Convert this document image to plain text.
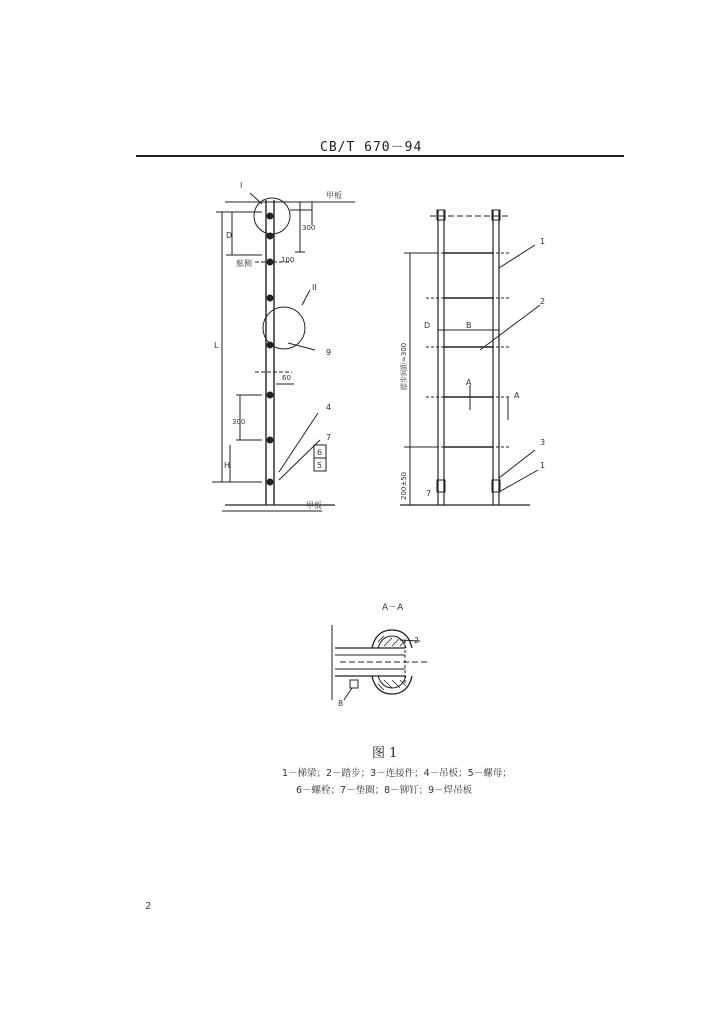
CB/T 670－94
甲板
甲板
舷侧
I
II
9
4
7
6
5
D
L
H
300
300
60
100
1
2
3
1
7
A
A
D	B
踏步间距≈300
200±50
A－A
2
8
图 1
1－梯梁；2－踏步；3－连接件；4－吊板；5－螺母；
6－螺栓；7－垫圈；8－铆钉；9－焊吊板
2
